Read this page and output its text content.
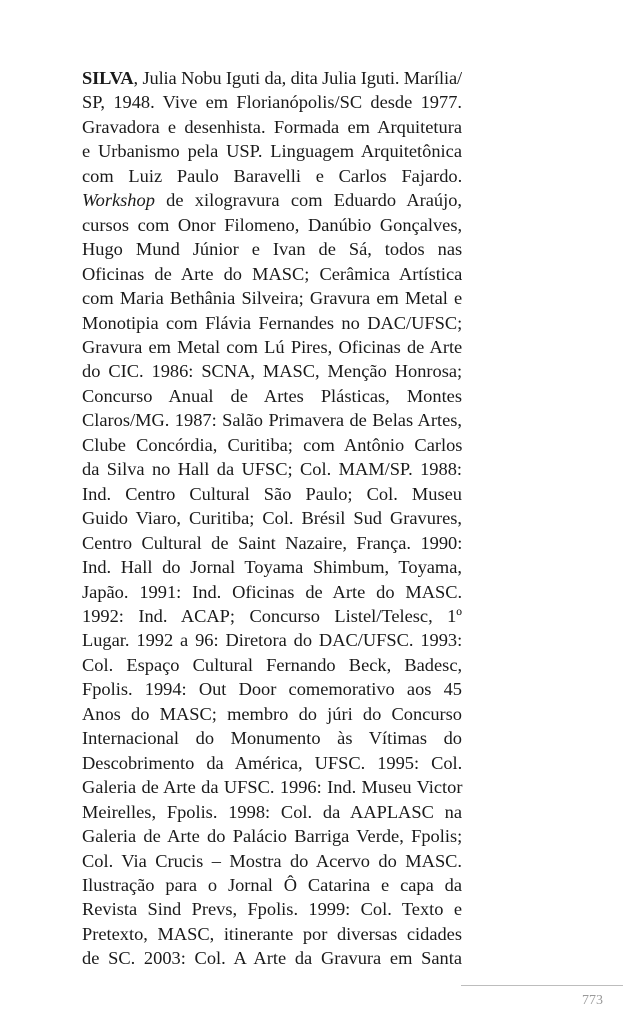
SILVA, Julia Nobu Iguti da, dita Julia Iguti. Marília/
SP, 1948. Vive em Florianópolis/SC desde 1977.
Gravadora e desenhista. Formada em Arquitetura
e Urbanismo pela USP. Linguagem Arquitetônica
com Luiz Paulo Baravelli e Carlos Fajardo.
Workshop de xilogravura com Eduardo Araújo,
cursos com Onor Filomeno, Danúbio Gonçalves,
Hugo Mund Júnior e Ivan de Sá, todos nas
Oficinas de Arte do MASC; Cerâmica Artística
com Maria Bethânia Silveira; Gravura em Metal e
Monotipia com Flávia Fernandes no DAC/UFSC;
Gravura em Metal com Lú Pires, Oficinas de Arte
do CIC. 1986: SCNA, MASC, Menção Honrosa;
Concurso Anual de Artes Plásticas, Montes
Claros/MG. 1987: Salão Primavera de Belas Artes,
Clube Concórdia, Curitiba; com Antônio Carlos
da Silva no Hall da UFSC; Col. MAM/SP. 1988:
Ind. Centro Cultural São Paulo; Col. Museu
Guido Viaro, Curitiba; Col. Brésil Sud Gravures,
Centro Cultural de Saint Nazaire, França. 1990:
Ind. Hall do Jornal Toyama Shimbum, Toyama,
Japão. 1991: Ind. Oficinas de Arte do MASC.
1992: Ind. ACAP; Concurso Listel/Telesc, 1º
Lugar. 1992 a 96: Diretora do DAC/UFSC. 1993:
Col. Espaço Cultural Fernando Beck, Badesc,
Fpolis. 1994: Out Door comemorativo aos 45
Anos do MASC; membro do júri do Concurso
Internacional do Monumento às Vítimas do
Descobrimento da América, UFSC. 1995: Col.
Galeria de Arte da UFSC. 1996: Ind. Museu Victor
Meirelles, Fpolis. 1998: Col. da AAPLASC na
Galeria de Arte do Palácio Barriga Verde, Fpolis;
Col. Via Crucis – Mostra do Acervo do MASC.
Ilustração para o Jornal Ô Catarina e capa da
Revista Sind Prevs, Fpolis. 1999: Col. Texto e
Pretexto, MASC, itinerante por diversas cidades
de SC. 2003: Col. A Arte da Gravura em Santa
773
